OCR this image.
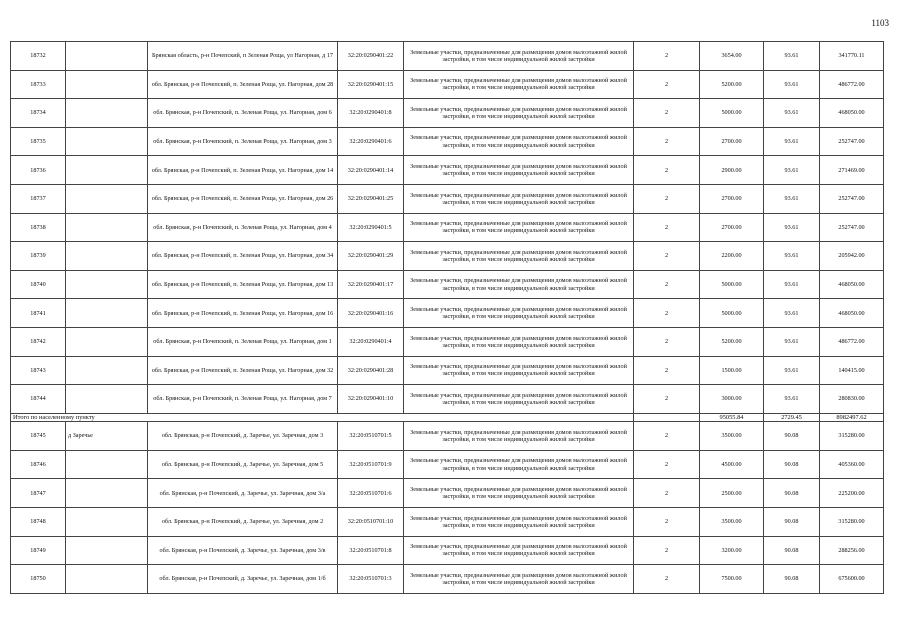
1103
18732		Брянская область, р-н Почепский, п Зеленая Роща, ул Нагорная, д 17	32:20:0290401:22	Земельные участки, предназначенные для размещения домов малоэтажной жилой застройки, в том числе индивидуальной жилой застройки	2	3654.00	93.61	341770.11
18733		обл. Брянская, р-н Почепский, п. Зеленая Роща, ул. Нагорная, дом 28	32:20:0290401:15	Земельные участки, предназначенные для размещения домов малоэтажной жилой застройки, в том числе индивидуальной жилой застройки	2	5200.00	93.61	486772.00
18734		обл. Брянская, р-н Почепский, п. Зеленая Роща, ул. Нагорная, дом 6	32:20:0290401:8	Земельные участки, предназначенные для размещения домов малоэтажной жилой застройки, в том числе индивидуальной жилой застройки	2	5000.00	93.61	468050.00
18735		обл. Брянская, р-н Почепский, п. Зеленая Роща, ул. Нагорная, дом 3	32:20:0290401:6	Земельные участки, предназначенные для размещения домов малоэтажной жилой застройки, в том числе индивидуальной жилой застройки	2	2700.00	93.61	252747.00
18736		обл. Брянская, р-н Почепский, п. Зеленая Роща, ул. Нагорная, дом 14	32:20:0290401:14	Земельные участки, предназначенные для размещения домов малоэтажной жилой застройки, в том числе индивидуальной жилой застройки	2	2900.00	93.61	271469.00
18737		обл. Брянская, р-н Почепский, п. Зеленая Роща, ул. Нагорная, дом 26	32:20:0290401:25	Земельные участки, предназначенные для размещения домов малоэтажной жилой застройки, в том числе индивидуальной жилой застройки	2	2700.00	93.61	252747.00
18738		обл. Брянская, р-н Почепский, п. Зеленая Роща, ул. Нагорная, дом 4	32:20:0290401:5	Земельные участки, предназначенные для размещения домов малоэтажной жилой застройки, в том числе индивидуальной жилой застройки	2	2700.00	93.61	252747.00
18739		обл. Брянская, р-н Почепский, п. Зеленая Роща, ул. Нагорная, дом 34	32:20:0290401:29	Земельные участки, предназначенные для размещения домов малоэтажной жилой застройки, в том числе индивидуальной жилой застройки	2	2200.00	93.61	205942.00
18740		обл. Брянская, р-н Почепский, п. Зеленая Роща, ул. Нагорная, дом 13	32:20:0290401:17	Земельные участки, предназначенные для размещения домов малоэтажной жилой застройки, в том числе индивидуальной жилой застройки	2	5000.00	93.61	468050.00
18741		обл. Брянская, р-н Почепский, п. Зеленая Роща, ул. Нагорная, дом 16	32:20:0290401:16	Земельные участки, предназначенные для размещения домов малоэтажной жилой застройки, в том числе индивидуальной жилой застройки	2	5000.00	93.61	468050.00
18742		обл. Брянская, р-н Почепский, п. Зеленая Роща, ул. Нагорная, дом 1	32:20:0290401:4	Земельные участки, предназначенные для размещения домов малоэтажной жилой застройки, в том числе индивидуальной жилой застройки	2	5200.00	93.61	486772.00
18743		обл. Брянская, р-н Почепский, п. Зеленая Роща, ул. Нагорная, дом 32	32:20:0290401:28	Земельные участки, предназначенные для размещения домов малоэтажной жилой застройки, в том числе индивидуальной жилой застройки	2	1500.00	93.61	140415.00
18744		обл. Брянская, р-н Почепский, п. Зеленая Роща, ул. Нагорная, дом 7	32:20:0290401:10	Земельные участки, предназначенные для размещения домов малоэтажной жилой застройки, в том числе индивидуальной жилой застройки	2	3000.00	93.61	280830.00
Итого по населенному пункту						95055.84	2729.45	8982497.62
18745	д Заречье	обл. Брянская, р-н Почепский, д. Заречье, ул. Заречная, дом 3	32:20:0510701:5	Земельные участки, предназначенные для размещения домов малоэтажной жилой застройки, в том числе индивидуальной жилой застройки	2	3500.00	90.08	315280.00
18746		обл. Брянская, р-н Почепский, д. Заречье, ул. Заречная, дом 5	32:20:0510701:9	Земельные участки, предназначенные для размещения домов малоэтажной жилой застройки, в том числе индивидуальной жилой застройки	2	4500.00	90.08	405360.00
18747		обл. Брянская, р-н Почепский, д. Заречье, ул. Заречная, дом 3/а	32:20:0510701:6	Земельные участки, предназначенные для размещения домов малоэтажной жилой застройки, в том числе индивидуальной жилой застройки	2	2500.00	90.08	225200.00
18748		обл. Брянская, р-н Почепский, д. Заречье, ул. Заречная, дом 2	32:20:0510701:10	Земельные участки, предназначенные для размещения домов малоэтажной жилой застройки, в том числе индивидуальной жилой застройки	2	3500.00	90.08	315280.00
18749		обл. Брянская, р-н Почепский, д. Заречье, ул. Заречная, дом 3/в	32:20:0510701:8	Земельные участки, предназначенные для размещения домов малоэтажной жилой застройки, в том числе индивидуальной жилой застройки	2	3200.00	90.08	288256.00
18750		обл. Брянская, р-н Почепский, д. Заречье, ул. Заречная, дом 1/б	32:20:0510701:3	Земельные участки, предназначенные для размещения домов малоэтажной жилой застройки, в том числе индивидуальной жилой застройки	2	7500.00	90.08	675600.00
